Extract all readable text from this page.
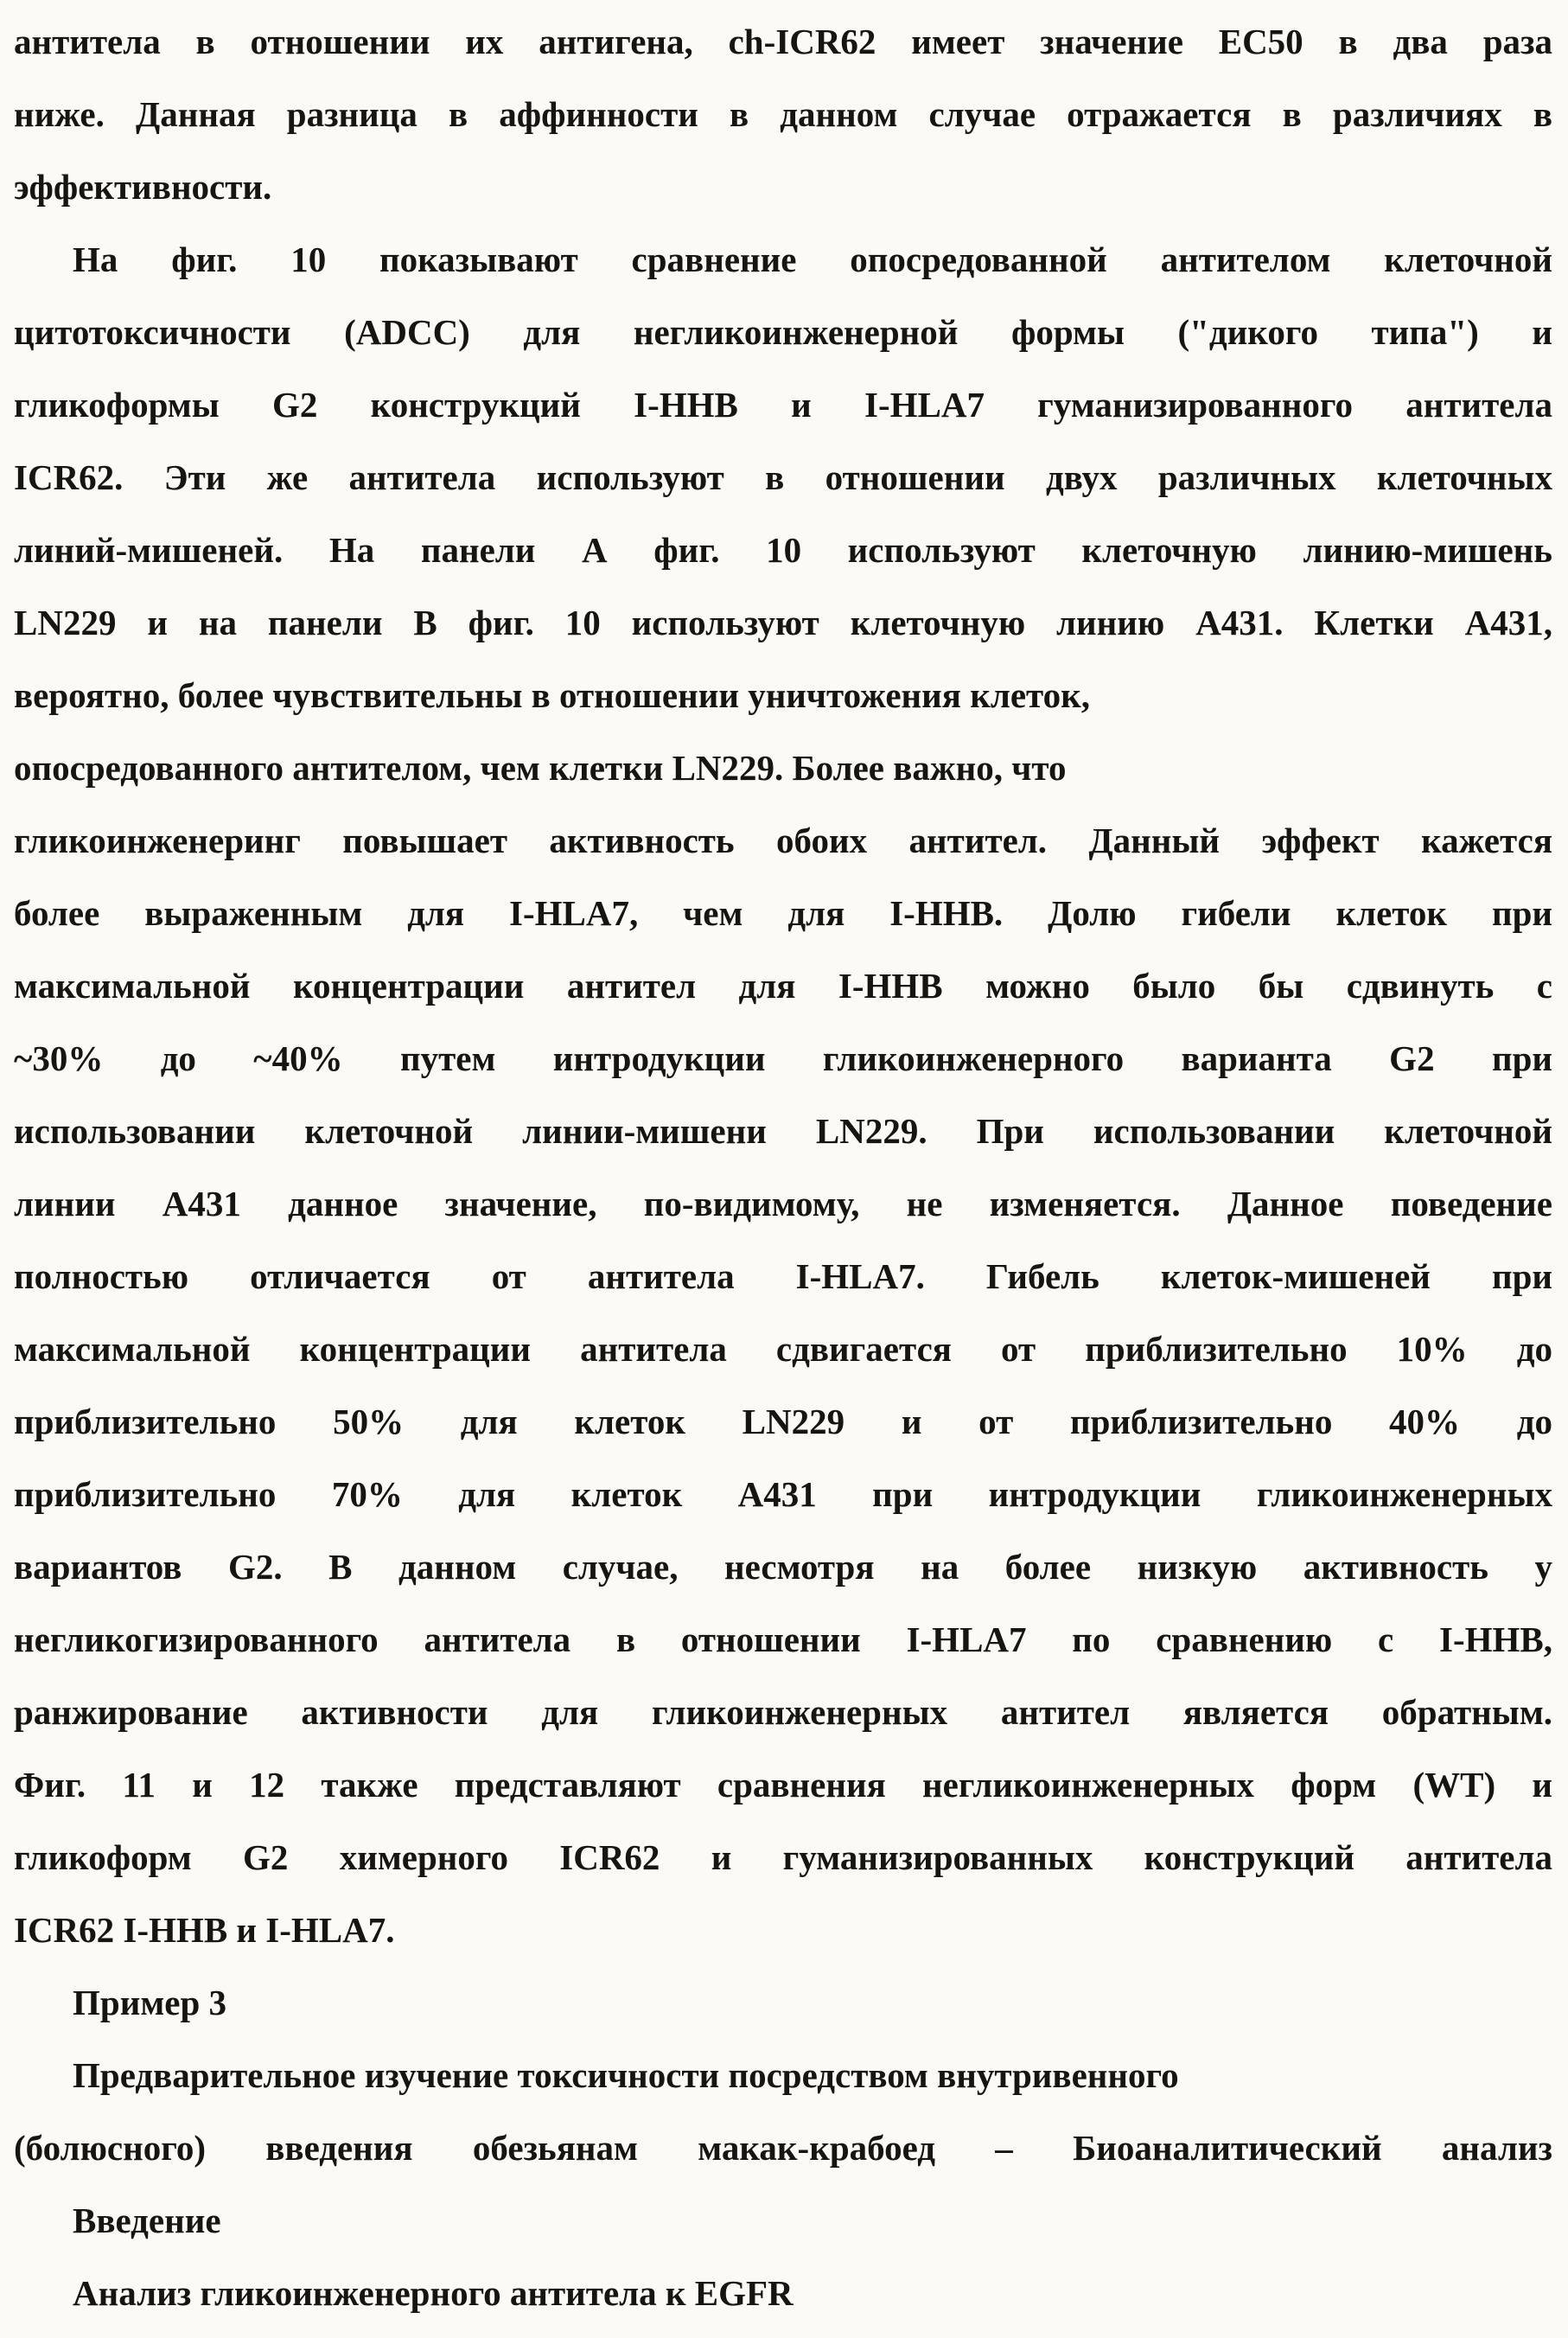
антитела в отношении их антигена, ch-ICR62 имеет значение EC50 в два раза
ниже. Данная разница в аффинности в данном случае отражается в различиях в
эффективности.
На фиг. 10 показывают сравнение опосредованной антителом клеточной
цитотоксичности (ADCC) для негликоинженерной формы ("дикого типа") и
гликоформы G2 конструкций I-HHB и I-HLA7 гуманизированного антитела
ICR62. Эти же антитела используют в отношении двух различных клеточных
линий-мишеней. На панели А фиг. 10 используют клеточную линию-мишень
LN229 и на панели В фиг. 10 используют клеточную линию А431. Клетки А431,
вероятно, более чувствительны в отношении уничтожения клеток,
опосредованного антителом, чем клетки LN229. Более важно, что
гликоинженеринг повышает активность обоих антител. Данный эффект кажется
более выраженным для I-HLA7, чем для I-HHB. Долю гибели клеток при
максимальной концентрации антител для I-HHB можно было бы сдвинуть с
~30% до ~40% путем интродукции гликоинженерного варианта G2 при
использовании клеточной линии-мишени LN229. При использовании клеточной
линии А431 данное значение, по-видимому, не изменяется. Данное поведение
полностью отличается от антитела I-HLA7. Гибель клеток-мишеней при
максимальной концентрации антитела сдвигается от приблизительно 10% до
приблизительно 50% для клеток LN229 и от приблизительно 40% до
приблизительно 70% для клеток А431 при интродукции гликоинженерных
вариантов G2. В данном случае, несмотря на более низкую активность у
негликогизированного антитела в отношении I-HLA7 по сравнению с I-HHB,
ранжирование активности для гликоинженерных антител является обратным.
Фиг. 11 и 12 также представляют сравнения негликоинженерных форм (WT) и
гликоформ G2 химерного ICR62 и гуманизированных конструкций антитела
ICR62 I-HHB и I-HLA7.
Пример 3
Предварительное изучение токсичности посредством внутривенного
(болюсного) введения обезьянам макак-крабоед – Биоаналитический анализ
Введение
Анализ гликоинженерного антитела к EGFR
